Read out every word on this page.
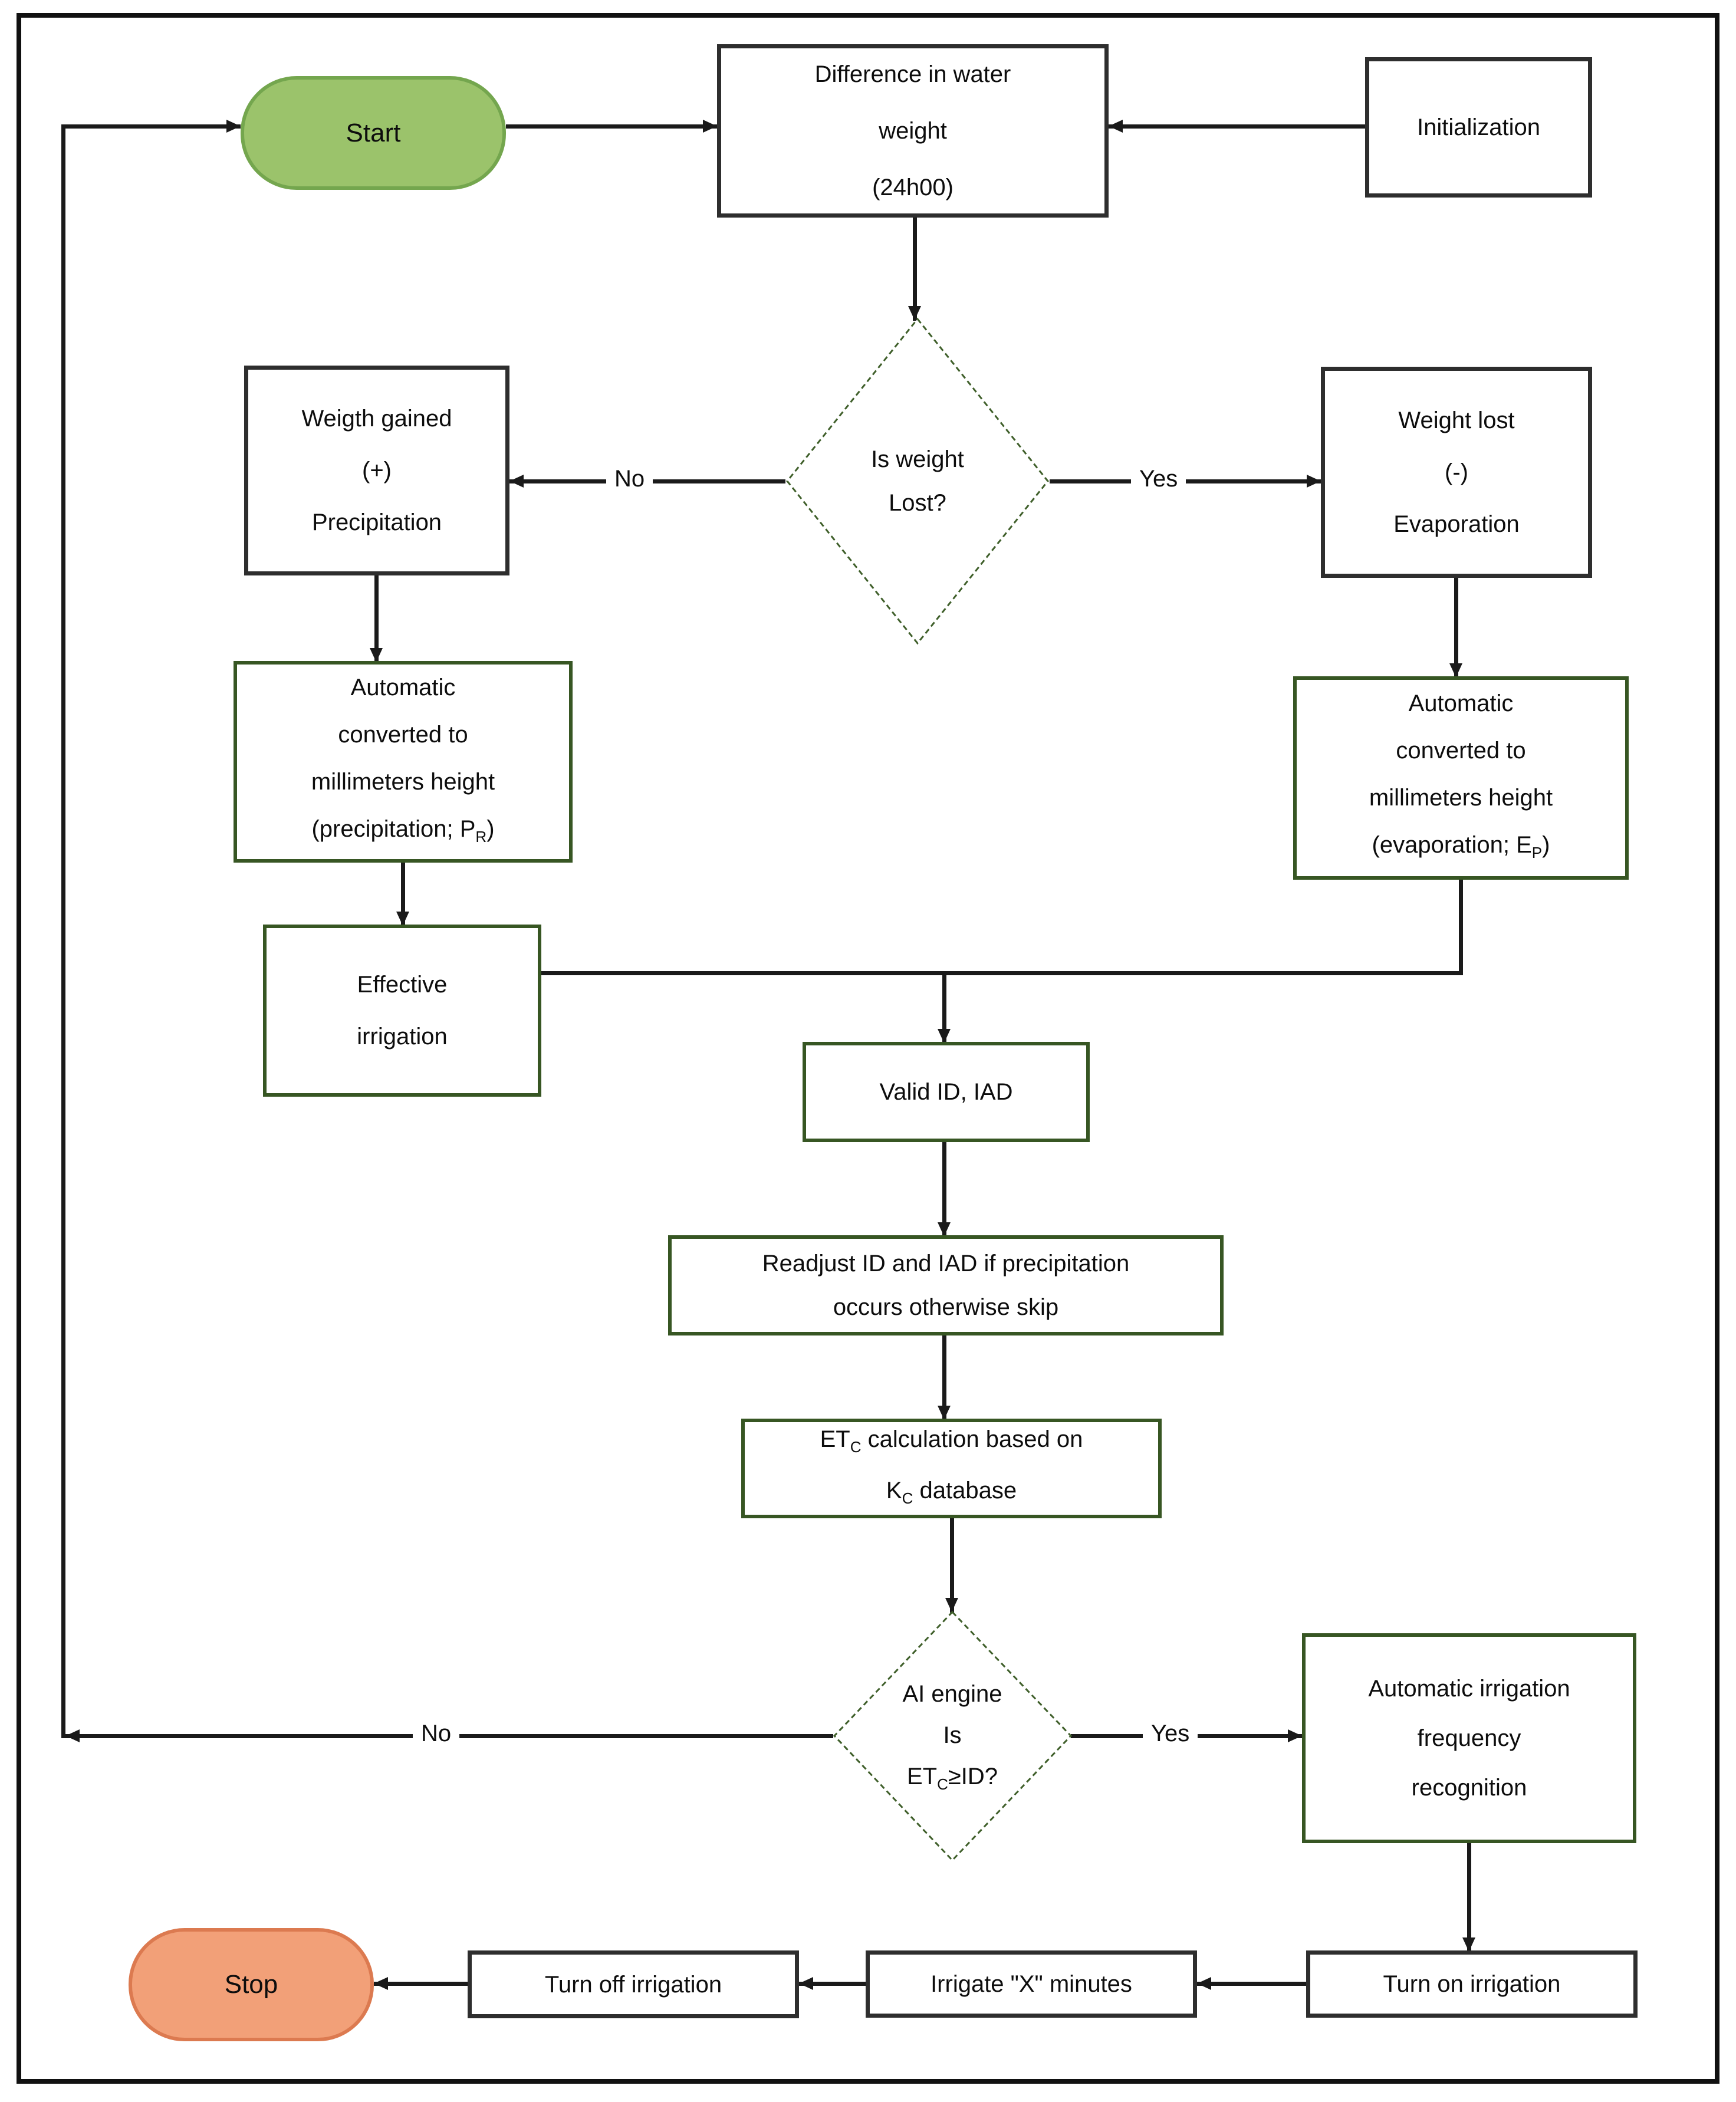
No	Yes
No	Yes
Start
Stop
Difference in water
weight
(24h00)
Initialization
Weigth gained
(+)
Precipitation
Weight lost
(-)
Evaporation
Automatic
converted to
millimeters height
(precipitation; $P_R$)
Automatic
converted to
millimeters height
(evaporation; $E_P$)
Effective
irrigation
Valid ID, IAD
Readjust ID and IAD if precipitation
occurs otherwise skip
$ET_C$ calculation based on
$K_C$ database
Automatic irrigation
frequency
recognition
Turn off irrigation	Irrigate "X" minutes	Turn on irrigation
Is weight
Lost?
AI engine
Is
$ET_C\ge ID$?
